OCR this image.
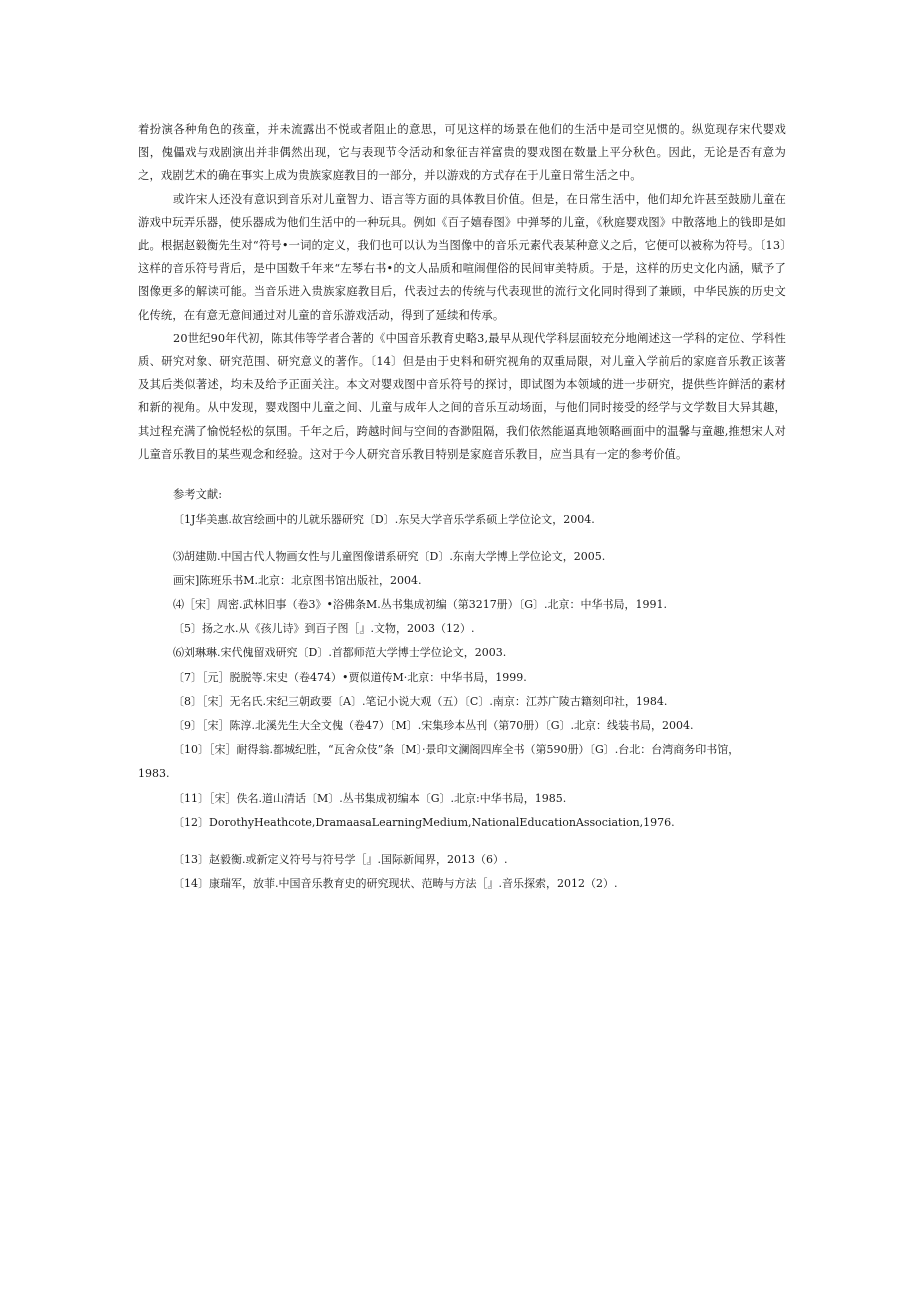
着扮演各种角色的孩童，并未流露出不悦或者阻止的意思，可见这样的场景在他们的生活中是司空见惯的。纵览现存宋代婴戏图，傀儡戏与戏剧演出并非偶然出现，它与表现节令活动和象征吉祥富贵的婴戏图在数量上平分秋色。因此，无论是否有意为之，戏剧艺术的确在事实上成为贵族家庭教目的一部分，并以游戏的方式存在于儿童日常生活之中。

或许宋人还没有意识到音乐对儿童智力、语言等方面的具体教目价值。但是，在日常生活中，他们却允许甚至鼓励儿童在游戏中玩弄乐器，使乐器成为他们生活中的一种玩具。例如《百子嬉春图》中弹琴的儿童，《秋庭婴戏图》中散落地上的钱即是如此。根据赵毅衡先生对“符号•一词的定义，我们也可以认为当图像中的音乐元素代表某种意义之后，它便可以被称为符号。〔13〕这样的音乐符号背后，是中国数千年来“左琴右书•的文人品质和喧闹俚俗的民间审美特质。于是，这样的历史文化内涵，赋予了图像更多的解读可能。当音乐进入贵族家庭教目后，代表过去的传统与代表现世的流行文化同时得到了兼顾，中华民族的历史文化传统，在有意无意间通过对儿童的音乐游戏活动，得到了延续和传承。

20世纪90年代初，陈其伟等学者合著的《中国音乐教育史略3,最早从现代学科层面较充分地阐述这一学科的定位、学科性质、研究对象、研究范围、研究意义的著作。〔14〕但是由于史料和研究视角的双重局限，对儿童入学前后的家庭音乐教正该著及其后类似著述，均未及给予正面关注。本文对婴戏图中音乐符号的探讨，即试图为本领域的进一步研究，提供些许鲜活的素材和新的视角。从中发现，婴戏图中儿童之间、儿童与成年人之间的音乐互动场面，与他们同时接受的经学与文学数目大异其趣，其过程充满了愉悦轻松的氛围。千年之后，跨越时间与空间的杳渺阻隔，我们依然能逼真地领略画面中的温馨与童趣,推想宋人对儿童音乐教目的某些观念和经验。这对于今人研究音乐教目特别是家庭音乐教目，应当具有一定的参考价值。

参考文献:
〔1J华美惠.故宫绘画中的儿就乐器研究〔D〕.东吴大学音乐学系硕上学位论文，2004.
⑶胡建勋.中国古代人物画女性与儿童图像谱系研究〔D〕.东南大学博上学位论文，2005.
画宋]陈班乐书M.北京：北京图书馆出版社，2004.
⑷［宋］周密.武林旧事（卷3》•浴佛条M.丛书集成初编（第3217册）〔G〕.北京：中华书局，1991.
〔5〕扬之水.从《孩儿诗》到百子图［』.文物，2003（12）.
⑹刘琳琳.宋代傀留戏研究〔D〕.首都师范大学博士学位论文，2003.
〔7〕［元］脱脱等.宋史（卷474）•贾似道传M·北京：中华书局，1999.
〔8〕［宋］无名氏.宋纪三朝政要〔A〕.笔记小说大观（五）〔C〕.南京：江苏广陵古籍刻印社，1984.
〔9〕［宋］陈淳.北溪先生大全文傀（卷47）〔M〕.宋集珍本丛刊（第70册）〔G〕.北京：线装书局，2004.
〔10〕［宋］耐得翁.都城纪胜，“瓦舍众伎”条〔M〕·景印文澜阁四库全书（第590册）〔G〕.台北：台湾商务印书馆，
1983.
〔11〕［宋］佚名.道山清话〔M〕.丛书集成初编本〔G〕.北京:中华书局，1985.
〔12〕DorothyHeathcote,DramaasaLearningMedium,NationalEducationAssociation,1976.
〔13〕赵毅衡.或新定义符号与符号学［』.国际新闻界，2013（6）.
〔14〕康瑞军，放菲.中国音乐教育史的研究现状、范畴与方法［』.音乐探索，2012（2）.
